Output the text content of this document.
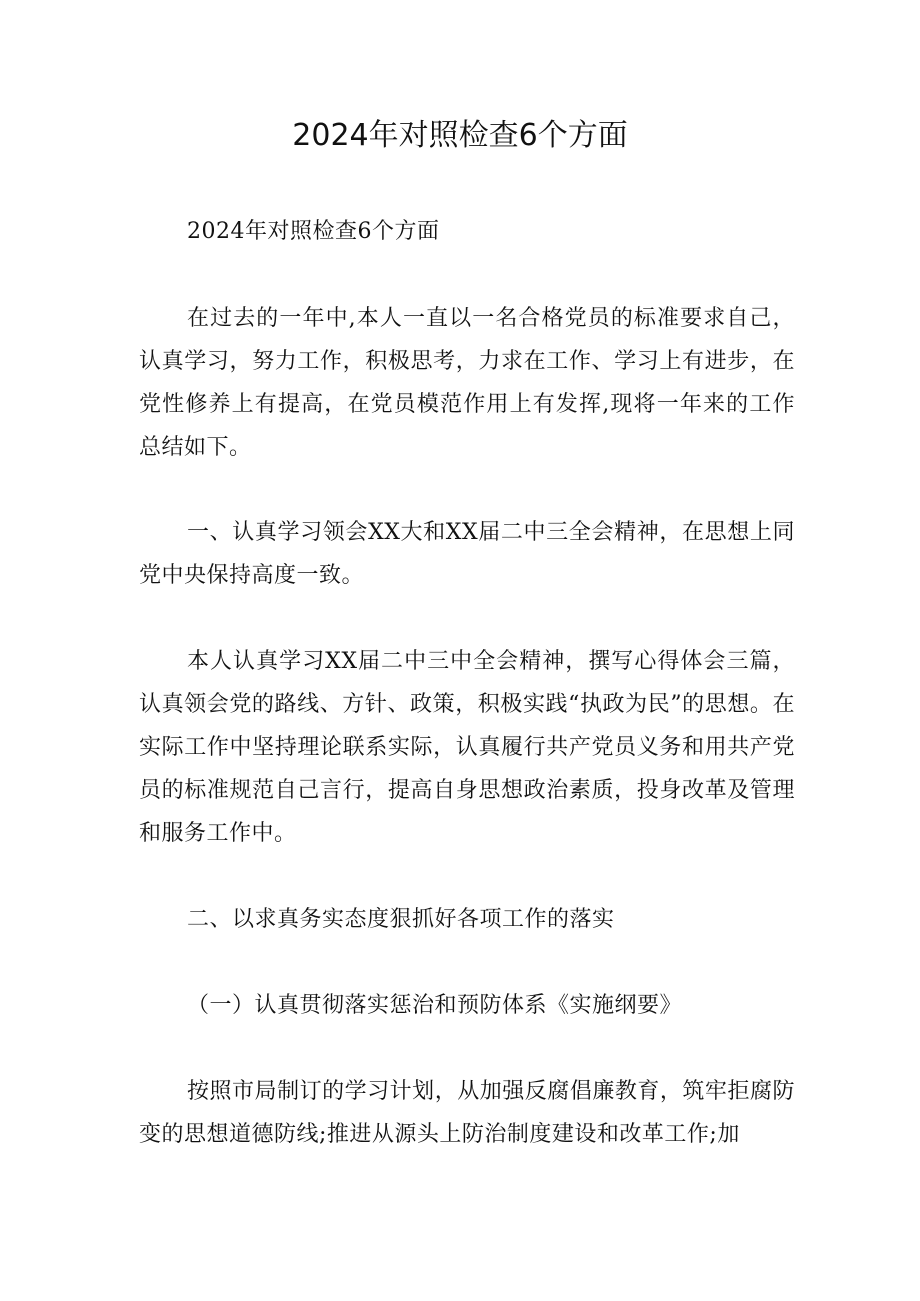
2024年对照检查6个方面

2024年对照检查6个方面

在过去的一年中,本人一直以一名合格党员的标准要求自己，认真学习，努力工作，积极思考，力求在工作、学习上有进步，在党性修养上有提高，在党员模范作用上有发挥,现将一年来的工作总结如下。

一、认真学习领会XX大和XX届二中三全会精神，在思想上同党中央保持高度一致。

本人认真学习XX届二中三中全会精神，撰写心得体会三篇，认真领会党的路线、方针、政策，积极实践“执政为民”的思想。在实际工作中坚持理论联系实际，认真履行共产党员义务和用共产党员的标准规范自己言行，提高自身思想政治素质，投身改革及管理和服务工作中。

二、以求真务实态度狠抓好各项工作的落实

（一）认真贯彻落实惩治和预防体系《实施纲要》

按照市局制订的学习计划，从加强反腐倡廉教育，筑牢拒腐防变的思想道德防线;推进从源头上防治制度建设和改革工作;加
